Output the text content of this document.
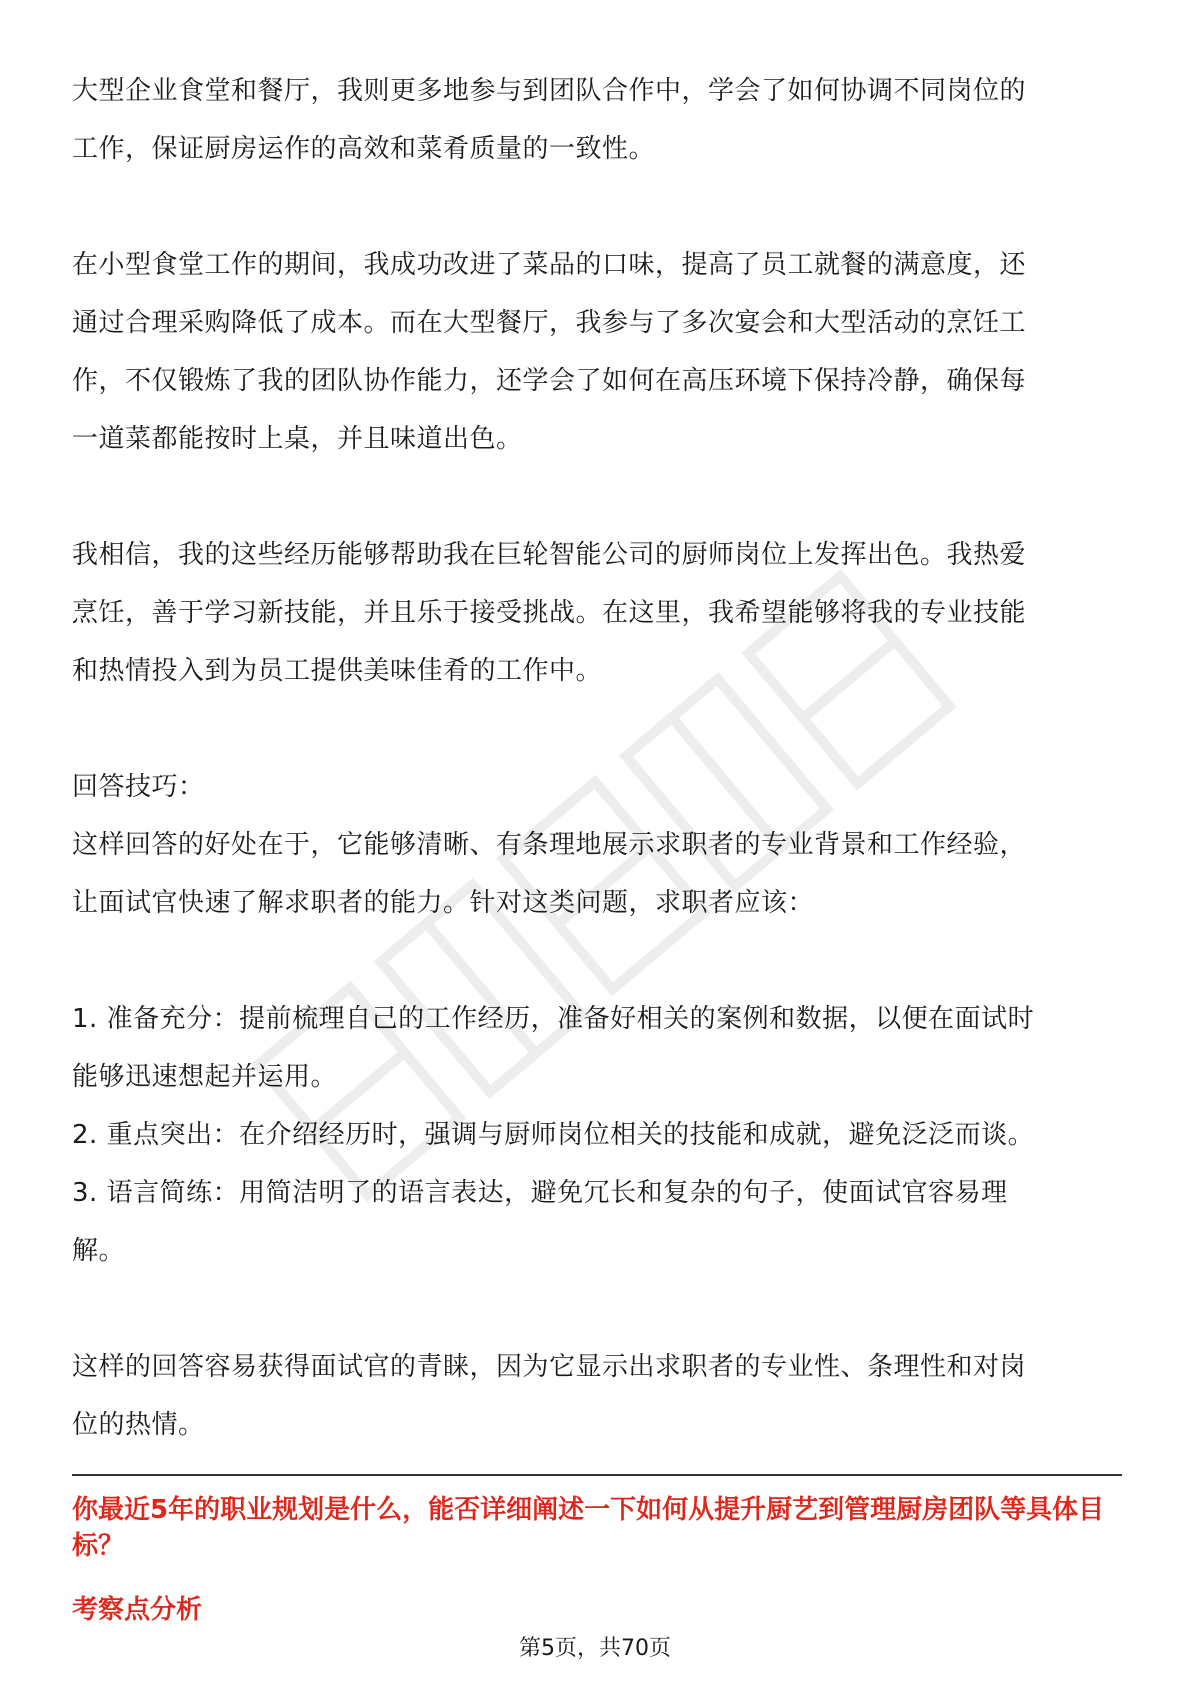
大型企业食堂和餐厅，我则更多地参与到团队合作中，学会了如何协调不同岗位的

工作，保证厨房运作的高效和菜肴质量的一致性。

在小型食堂工作的期间，我成功改进了菜品的口味，提高了员工就餐的满意度，还

通过合理采购降低了成本。而在大型餐厅，我参与了多次宴会和大型活动的烹饪工

作，不仅锻炼了我的团队协作能力，还学会了如何在高压环境下保持冷静，确保每

一道菜都能按时上桌，并且味道出色。

我相信，我的这些经历能够帮助我在巨轮智能公司的厨师岗位上发挥出色。我热爱

烹饪，善于学习新技能，并且乐于接受挑战。在这里，我希望能够将我的专业技能

和热情投入到为员工提供美味佳肴的工作中。

回答技巧：

这样回答的好处在于，它能够清晰、有条理地展示求职者的专业背景和工作经验，

让面试官快速了解求职者的能力。针对这类问题，求职者应该：

1. 准备充分：提前梳理自己的工作经历，准备好相关的案例和数据，以便在面试时

能够迅速想起并运用。

2. 重点突出：在介绍经历时，强调与厨师岗位相关的技能和成就，避免泛泛而谈。

3. 语言简练：用简洁明了的语言表达，避免冗长和复杂的句子，使面试官容易理

解。

这样的回答容易获得面试官的青睐，因为它显示出求职者的专业性、条理性和对岗

位的热情。

你最近5年的职业规划是什么，能否详细阐述一下如何从提升厨艺到管理厨房团队等具体目标？

考察点分析

第5页，共70页
